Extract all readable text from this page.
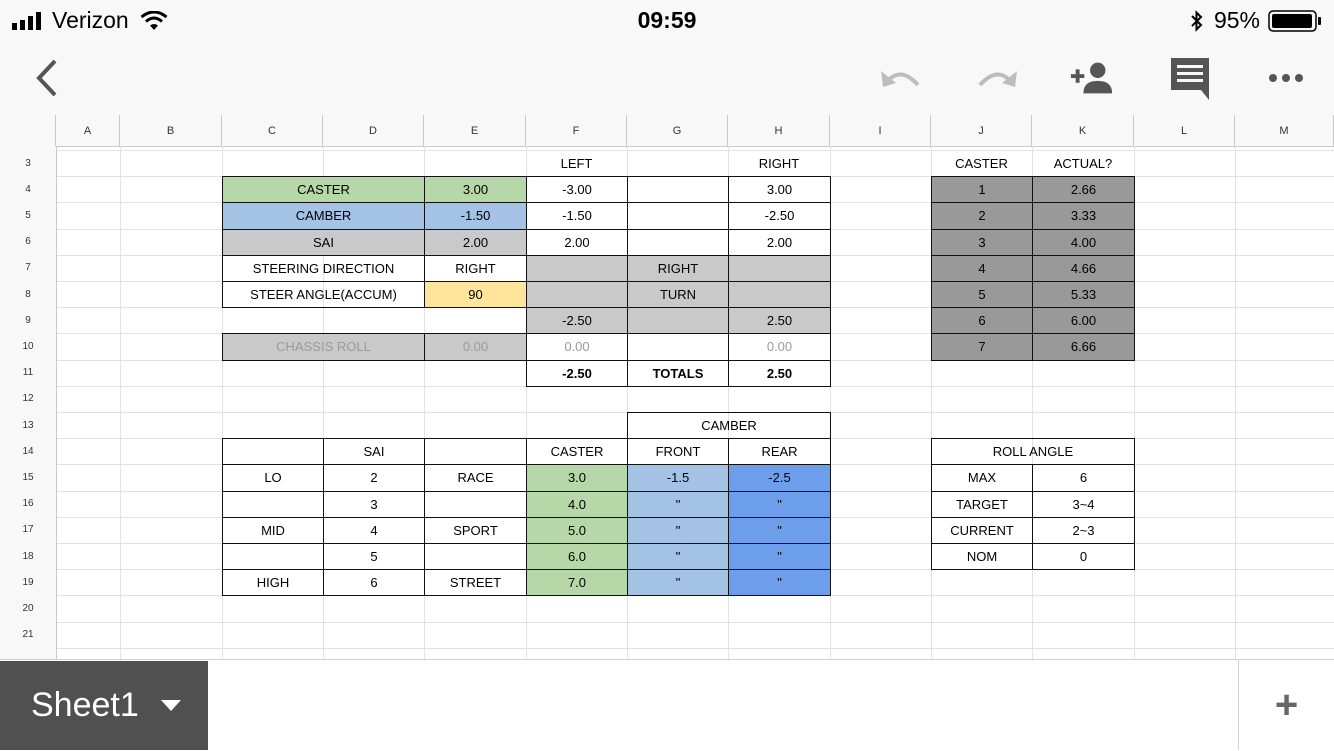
Verizon	09:59	95%
A	B	C	D	E	F	G	H	I	J	K	L	M
3
4
5
6
7
8
9
10
11
12
13
14
15
16
17
18
19
20
21
LEFT	RIGHT	CASTER	ACTUAL?
CASTER	3.00	-3.00	3.00	1	2.66
CAMBER	-1.50	-1.50	-2.50	2	3.33
SAI	2.00	2.00	2.00	3	4.00
STEERING DIRECTION	RIGHT	RIGHT	4	4.66
STEER ANGLE(ACCUM)	90	TURN	5	5.33
-2.50	2.50	6	6.00
CHASSIS ROLL	0.00	0.00	0.00	7	6.66
-2.50	TOTALS	2.50
CAMBER
SAI	CASTER	FRONT	REAR	ROLL ANGLE
LO	2	RACE	3.0	-1.5	-2.5	MAX	6
3	4.0	"	"	TARGET	3~4
MID	4	SPORT	5.0	"	"	CURRENT	2~3
5	6.0	"	"	NOM	0
HIGH	6	STREET	7.0	"	"
Sheet1	+
